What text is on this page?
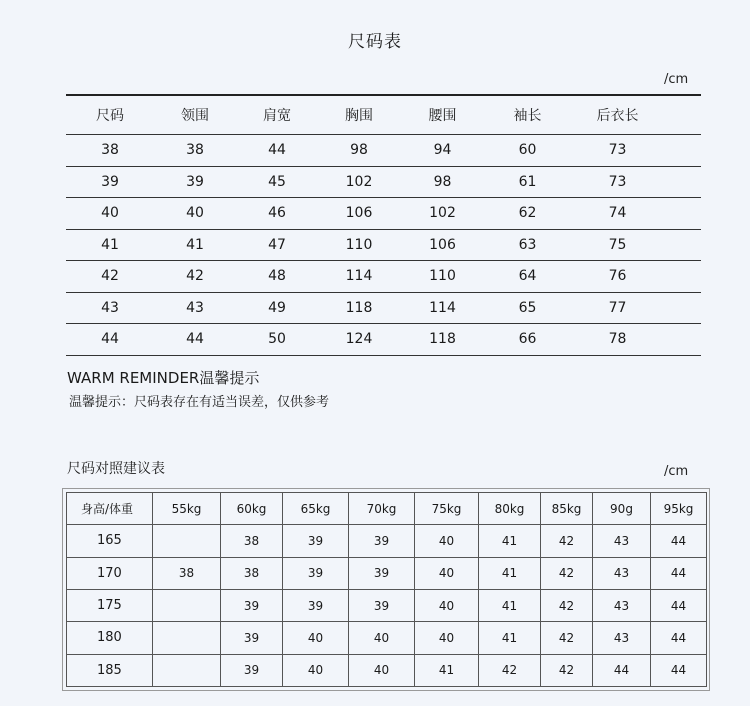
尺码表
/cm
尺码	领围	肩宽	胸围	腰围	袖长	后衣长
38	38	44	98	94	60	73
39	39	45	102	98	61	73
40	40	46	106	102	62	74
41	41	47	110	106	63	75
42	42	48	114	110	64	76
43	43	49	118	114	65	77
44	44	50	124	118	66	78
WARM REMINDER温馨提示
温馨提示：尺码表存在有适当误差，仅供参考
尺码对照建议表	/cm
身高/体重	55kg	60kg	65kg	70kg	75kg	80kg	85kg	90g	95kg
165		38	39	39	40	41	42	43	44
170	38	38	39	39	40	41	42	43	44
175		39	39	39	40	41	42	43	44
180		39	40	40	40	41	42	43	44
185		39	40	40	41	42	42	44	44
